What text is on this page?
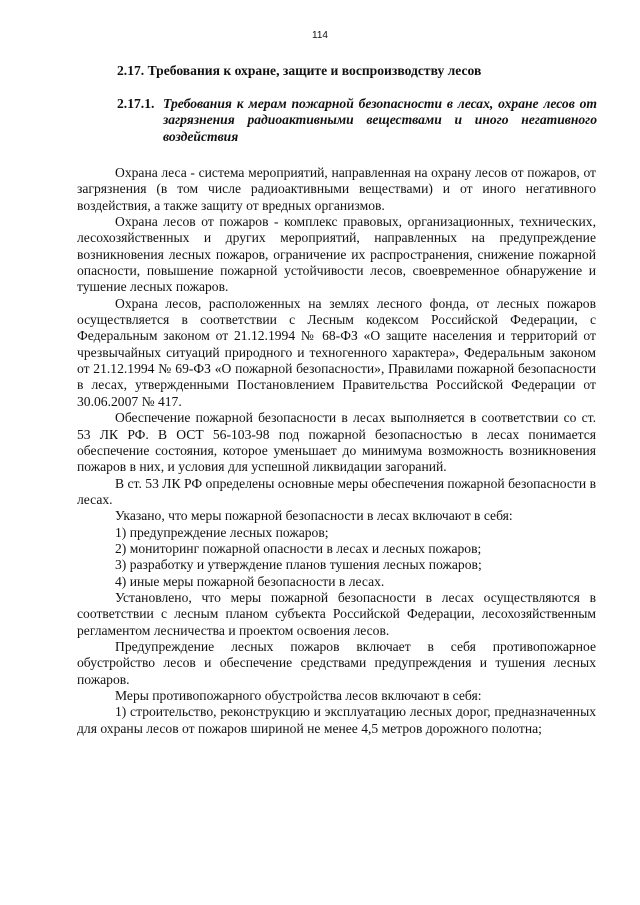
114
2.17. Требования к охране, защите и воспроизводству лесов
2.17.1. Требования к мерам пожарной безопасности в лесах, охране лесов от загрязнения радиоактивными веществами и иного негативного воздействия

Охрана леса - система мероприятий, направленная на охрану лесов от пожаров, от загрязнения (в том числе радиоактивными веществами) и от иного негативного воздействия, а также защиту от вредных организмов.

Охрана лесов от пожаров - комплекс правовых, организационных, технических, лесохозяйственных и других мероприятий, направленных на предупреждение возникновения лесных пожаров, ограничение их распространения, снижение пожарной опасности, повышение пожарной устойчивости лесов, своевременное обнаружение и тушение лесных пожаров.

Охрана лесов, расположенных на землях лесного фонда, от лесных пожаров осуществляется в соответствии с Лесным кодексом Российской Федерации, с Федеральным законом от 21.12.1994 № 68-ФЗ «О защите населения и территорий от чрезвычайных ситуаций природного и техногенного характера», Федеральным законом от 21.12.1994 № 69-ФЗ «О пожарной безопасности», Правилами пожарной безопасности в лесах, утвержденными Постановлением Правительства Российской Федерации от 30.06.2007 № 417.

Обеспечение пожарной безопасности в лесах выполняется в соответствии со ст. 53 ЛК РФ. В ОСТ 56-103-98 под пожарной безопасностью в лесах понимается обеспечение состояния, которое уменьшает до минимума возможность возникновения пожаров в них, и условия для успешной ликвидации загораний.

В ст. 53 ЛК РФ определены основные меры обеспечения пожарной безопасности в лесах.

Указано, что меры пожарной безопасности в лесах включают в себя:

1) предупреждение лесных пожаров;

2) мониторинг пожарной опасности в лесах и лесных пожаров;

3) разработку и утверждение планов тушения лесных пожаров;

4) иные меры пожарной безопасности в лесах.

Установлено, что меры пожарной безопасности в лесах осуществляются в соответствии с лесным планом субъекта Российской Федерации, лесохозяйственным регламентом лесничества и проектом освоения лесов.

Предупреждение лесных пожаров включает в себя противопожарное обустройство лесов и обеспечение средствами предупреждения и тушения лесных пожаров.

Меры противопожарного обустройства лесов включают в себя:

1) строительство, реконструкцию и эксплуатацию лесных дорог, предназначенных для охраны лесов от пожаров шириной не менее 4,5 метров дорожного полотна;
